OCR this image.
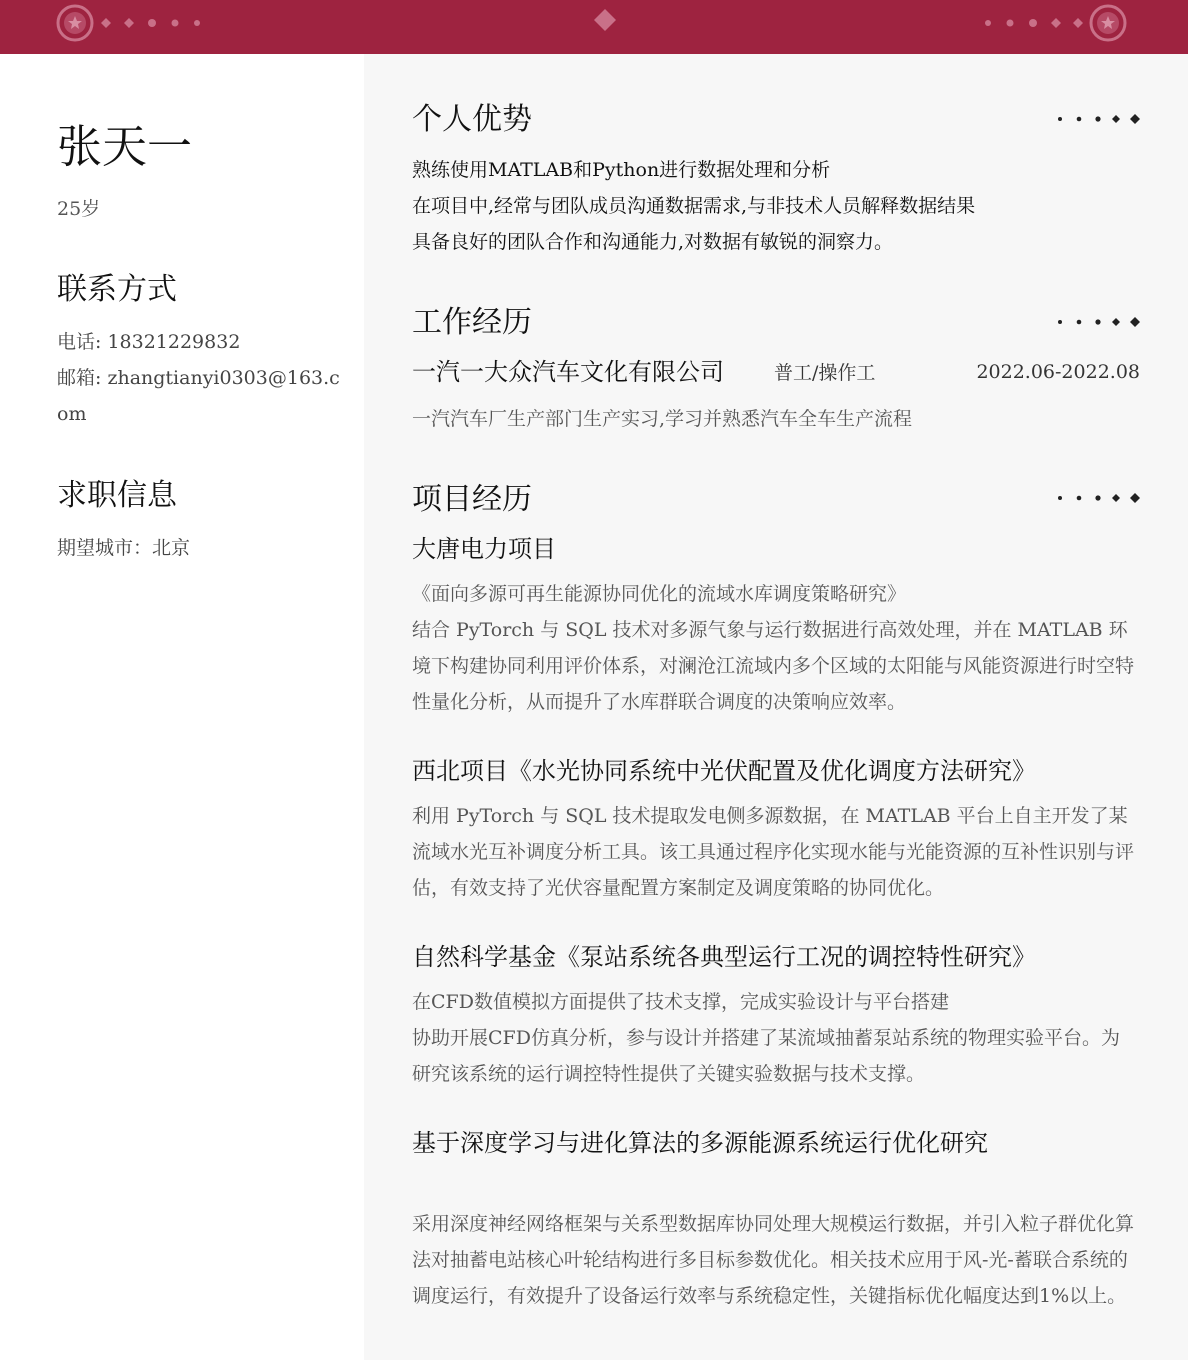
张天一
25岁
联系方式
电话: 18321229832
邮箱: zhangtianyi0303@163.com
求职信息
期望城市：北京
个人优势
熟练使用MATLAB和Python进行数据处理和分析
在项目中,经常与团队成员沟通数据需求,与非技术人员解释数据结果
具备良好的团队合作和沟通能力,对数据有敏锐的洞察力。
工作经历
一汽一大众汽车文化有限公司	普工/操作工	2022.06-2022.08
一汽汽车厂生产部门生产实习,学习并熟悉汽车全车生产流程
项目经历
大唐电力项目
《面向多源可再生能源协同优化的流域水库调度策略研究》
结合 PyTorch 与 SQL 技术对多源气象与运行数据进行高效处理，并在 MATLAB 环境下构建协同利用评价体系，对澜沧江流域内多个区域的太阳能与风能资源进行时空特性量化分析，从而提升了水库群联合调度的决策响应效率。
西北项目《水光协同系统中光伏配置及优化调度方法研究》
利用 PyTorch 与 SQL 技术提取发电侧多源数据，在 MATLAB 平台上自主开发了某流域水光互补调度分析工具。该工具通过程序化实现水能与光能资源的互补性识别与评估，有效支持了光伏容量配置方案制定及调度策略的协同优化。
自然科学基金《泵站系统各典型运行工况的调控特性研究》
在CFD数值模拟方面提供了技术支撑，完成实验设计与平台搭建
协助开展CFD仿真分析，参与设计并搭建了某流域抽蓄泵站系统的物理实验平台。为研究该系统的运行调控特性提供了关键实验数据与技术支撑。
基于深度学习与进化算法的多源能源系统运行优化研究
采用深度神经网络框架与关系型数据库协同处理大规模运行数据，并引入粒子群优化算法对抽蓄电站核心叶轮结构进行多目标参数优化。相关技术应用于风-光-蓄联合系统的调度运行，有效提升了设备运行效率与系统稳定性，关键指标优化幅度达到1%以上。
